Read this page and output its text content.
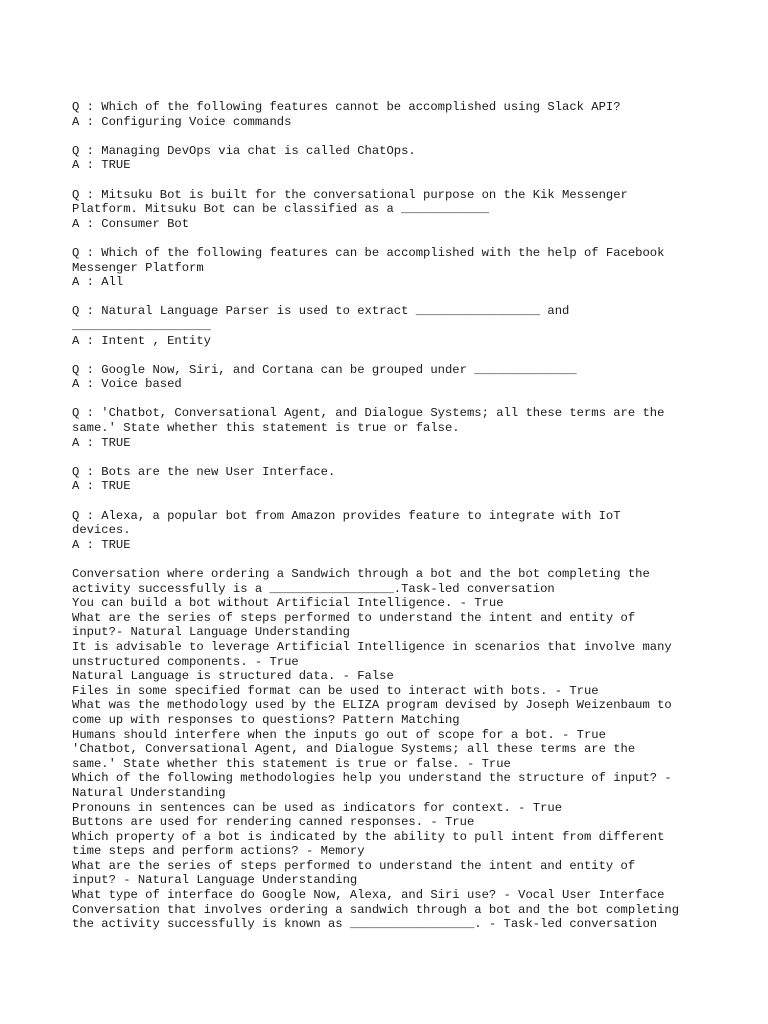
Q : Which of the following features cannot be accomplished using Slack API?
A : Configuring Voice commands
Q : Managing DevOps via chat is called ChatOps.
A : TRUE
Q : Mitsuku Bot is built for the conversational purpose on the Kik Messenger
Platform. Mitsuku Bot can be classified as a ____________
A : Consumer Bot
Q : Which of the following features can be accomplished with the help of Facebook
Messenger Platform
A : All
Q : Natural Language Parser is used to extract _________________ and
___________________
A : Intent , Entity
Q : Google Now, Siri, and Cortana can be grouped under ______________
A : Voice based
Q : 'Chatbot, Conversational Agent, and Dialogue Systems; all these terms are the
same.' State whether this statement is true or false.
A : TRUE
Q : Bots are the new User Interface.
A : TRUE
Q : Alexa, a popular bot from Amazon provides feature to integrate with IoT
devices.
A : TRUE
Conversation where ordering a Sandwich through a bot and the bot completing the
activity successfully is a _________________.Task-led conversation
You can build a bot without Artificial Intelligence. - True
What are the series of steps performed to understand the intent and entity of
input?- Natural Language Understanding
It is advisable to leverage Artificial Intelligence in scenarios that involve many
unstructured components. - True
Natural Language is structured data. - False
Files in some specified format can be used to interact with bots. - True
What was the methodology used by the ELIZA program devised by Joseph Weizenbaum to
come up with responses to questions? Pattern Matching
Humans should interfere when the inputs go out of scope for a bot. - True
'Chatbot, Conversational Agent, and Dialogue Systems; all these terms are the
same.' State whether this statement is true or false. - True
Which of the following methodologies help you understand the structure of input? -
Natural Understanding
Pronouns in sentences can be used as indicators for context. - True
Buttons are used for rendering canned responses. - True
Which property of a bot is indicated by the ability to pull intent from different
time steps and perform actions? - Memory
What are the series of steps performed to understand the intent and entity of
input? - Natural Language Understanding
What type of interface do Google Now, Alexa, and Siri use? - Vocal User Interface
Conversation that involves ordering a sandwich through a bot and the bot completing
the activity successfully is known as _________________. - Task-led conversation
